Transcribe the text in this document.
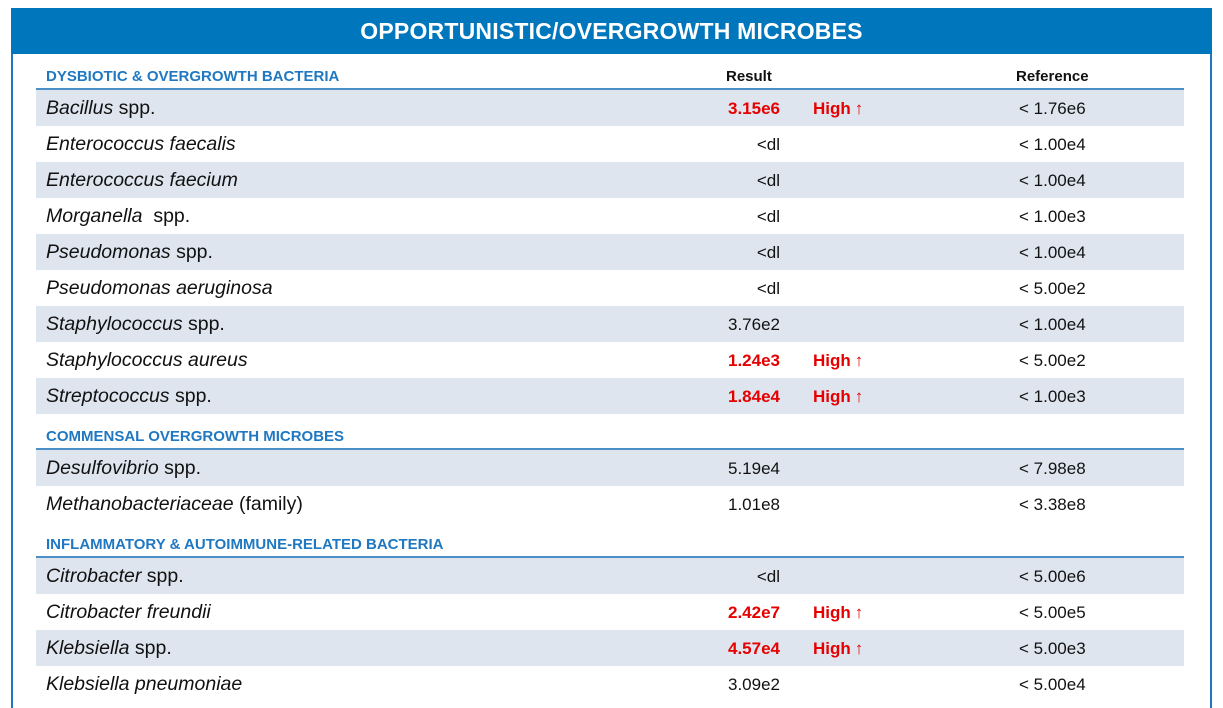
OPPORTUNISTIC/OVERGROWTH MICROBES
DYSBIOTIC & OVERGROWTH BACTERIA	Result	Reference
Bacillus spp.	3.15e6 High ↑	< 1.76e6
Enterococcus faecalis	<dl	< 1.00e4
Enterococcus faecium	<dl	< 1.00e4
Morganella  spp.	<dl	< 1.00e3
Pseudomonas spp.	<dl	< 1.00e4
Pseudomonas aeruginosa	<dl	< 5.00e2
Staphylococcus spp.	3.76e2	< 1.00e4
Staphylococcus aureus	1.24e3 High ↑	< 5.00e2
Streptococcus spp.	1.84e4 High ↑	< 1.00e3
COMMENSAL OVERGROWTH MICROBES
Desulfovibrio spp.	5.19e4	< 7.98e8
Methanobacteriaceae (family)	1.01e8	< 3.38e8
INFLAMMATORY & AUTOIMMUNE-RELATED BACTERIA
Citrobacter spp.	<dl	< 5.00e6
Citrobacter freundii	2.42e7 High ↑	< 5.00e5
Klebsiella spp.	4.57e4 High ↑	< 5.00e3
Klebsiella pneumoniae	3.09e2	< 5.00e4
